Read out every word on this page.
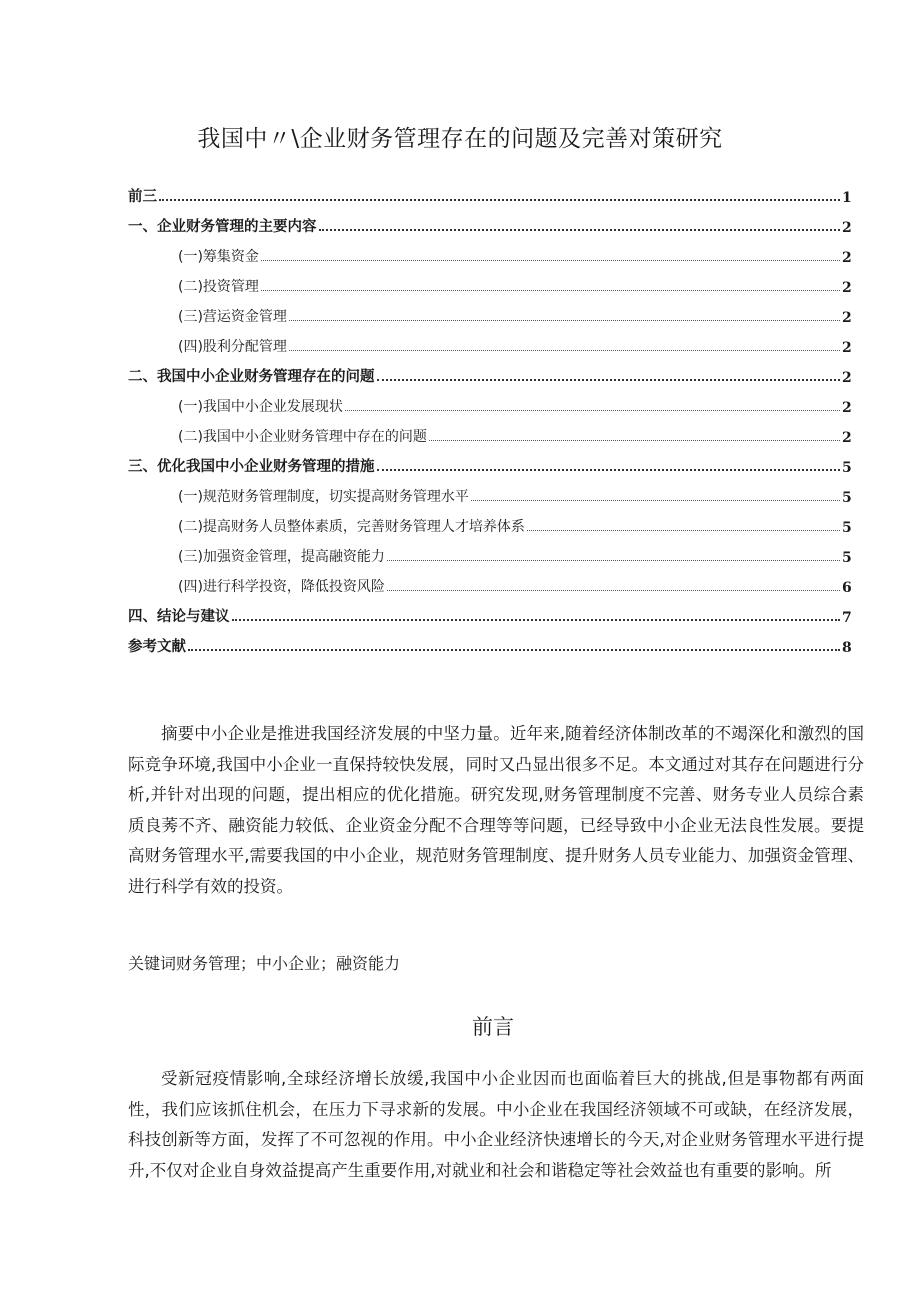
我国中〃\企业财务管理存在的问题及完善对策研究
前三	1
一、企业财务管理的主要内容	2
(一)筹集资金	2
(二)投资管理	2
(三)营运资金管理	2
(四)股利分配管理	2
二、我国中小企业财务管理存在的问题	2
(一)我国中小企业发展现状	2
(二)我国中小企业财务管理中存在的问题	2
三、优化我国中小企业财务管理的措施	5
(一)规范财务管理制度，切实提高财务管理水平	5
(二)提高财务人员整体素质，完善财务管理人才培养体系	5
(三)加强资金管理，提高融资能力	5
(四)进行科学投资，降低投资风险	6
四、结论与建议	7
参考文献	8

摘要中小企业是推进我国经济发展的中坚力量。近年来,随着经济体制改革的不竭深化和激烈的国际竞争环境,我国中小企业一直保持较快发展，同时又凸显出很多不足。本文通过对其存在问题进行分析,并针对出现的问题，提出相应的优化措施。研究发现,财务管理制度不完善、财务专业人员综合素质良莠不齐、融资能力较低、企业资金分配不合理等等问题，已经导致中小企业无法良性发展。要提高财务管理水平,需要我国的中小企业，规范财务管理制度、提升财务人员专业能力、加强资金管理、进行科学有效的投资。

关键词财务管理；中小企业；融资能力

前言

受新冠疫情影响,全球经济增长放缓,我国中小企业因而也面临着巨大的挑战,但是事物都有两面性，我们应该抓住机会，在压力下寻求新的发展。中小企业在我国经济领域不可或缺，在经济发展，科技创新等方面，发挥了不可忽视的作用。中小企业经济快速增长的今天,对企业财务管理水平进行提升,不仅对企业自身效益提高产生重要作用,对就业和社会和谐稳定等社会效益也有重要的影响。所
